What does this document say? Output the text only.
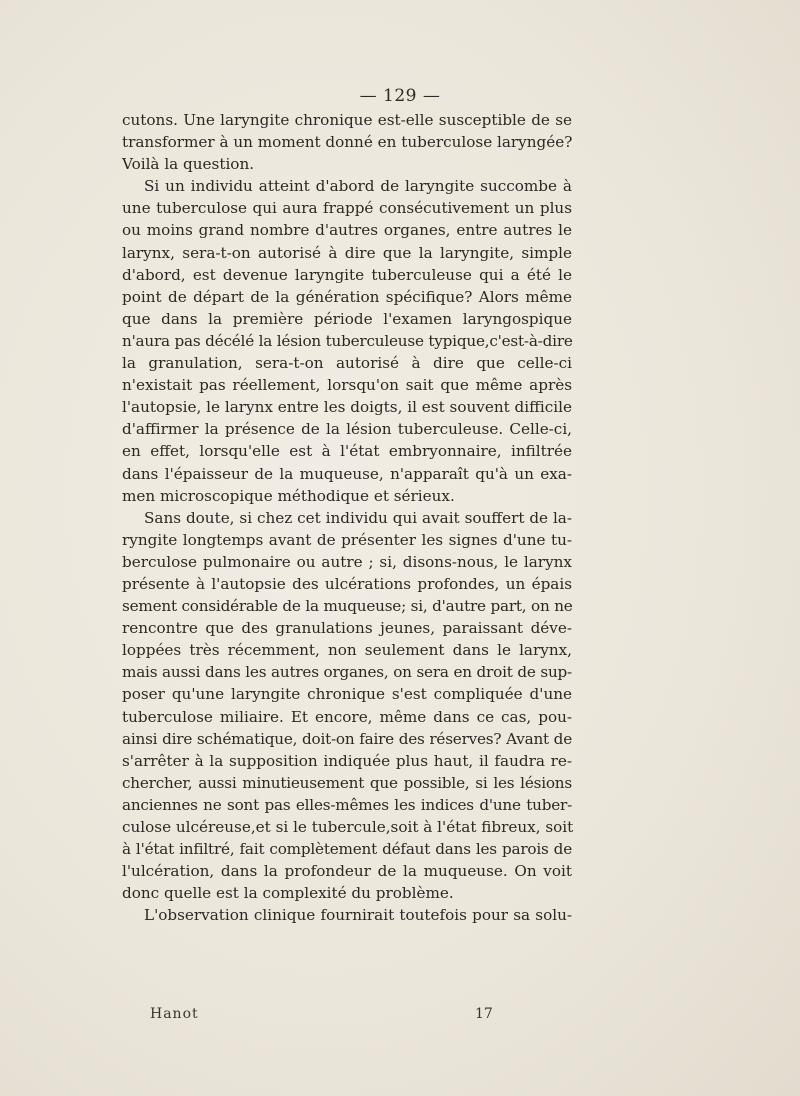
— 129 —
cutons. Une laryngite chronique est-elle susceptible de se
transformer à un moment donné en tuberculose laryngée?
Voilà la question.
Si un individu atteint d'abord de laryngite succombe à
une tuberculose qui aura frappé consécutivement un plus
ou moins grand nombre d'autres organes, entre autres le
larynx, sera-t-on autorisé à dire que la laryngite, simple
d'abord, est devenue laryngite tuberculeuse qui a été le
point de départ de la génération spécifique? Alors même
que dans la première période l'examen laryngospique
n'aura pas décélé la lésion tuberculeuse typique,c'est-à-dire
la granulation, sera-t-on autorisé à dire que celle-ci
n'existait pas réellement, lorsqu'on sait que même après
l'autopsie, le larynx entre les doigts, il est souvent difficile
d'affirmer la présence de la lésion tuberculeuse. Celle-ci,
en effet, lorsqu'elle est à l'état embryonnaire, infiltrée
dans l'épaisseur de la muqueuse, n'apparaît qu'à un exa-
men microscopique méthodique et sérieux.
Sans doute, si chez cet individu qui avait souffert de la-
ryngite longtemps avant de présenter les signes d'une tu-
berculose pulmonaire ou autre ; si, disons-nous, le larynx
présente à l'autopsie des ulcérations profondes, un épais
sement considérable de la muqueuse; si, d'autre part, on ne
rencontre que des granulations jeunes, paraissant déve-
loppées très récemment, non seulement dans le larynx,
mais aussi dans les autres organes, on sera en droit de sup-
poser qu'une laryngite chronique s'est compliquée d'une
tuberculose miliaire. Et encore, même dans ce cas, pou-
ainsi dire schématique, doit-on faire des réserves? Avant de
s'arrêter à la supposition indiquée plus haut, il faudra re-
chercher, aussi minutieusement que possible, si les lésions
anciennes ne sont pas elles-mêmes les indices d'une tuber-
culose ulcéreuse,et si le tubercule,soit à l'état fibreux, soit
à l'état infiltré, fait complètement défaut dans les parois de
l'ulcération, dans la profondeur de la muqueuse. On voit
donc quelle est la complexité du problème.
L'observation clinique fournirait toutefois pour sa solu-
Hanot	17
